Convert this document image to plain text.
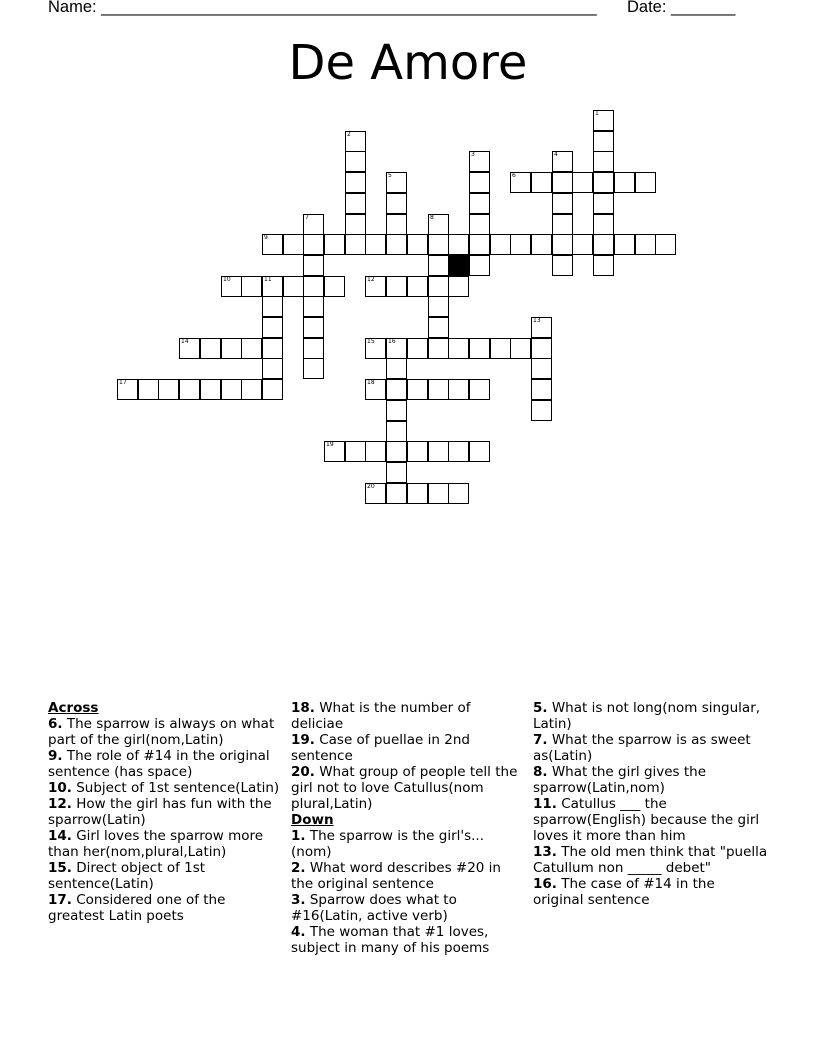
Name: ______________________________________________________ Date: _______
De Amore
1
2
3	4
5	6
7	8
9
10	11	12
13
14	15 16
17	18
19
20
Across
6. The sparrow is always on what part of the girl(nom,Latin)
9. The role of #14 in the original sentence (has space)
10. Subject of 1st sentence(Latin)
12. How the girl has fun with the sparrow(Latin)
14. Girl loves the sparrow more than her(nom,plural,Latin)
15. Direct object of 1st sentence(Latin)
17. Considered one of the greatest Latin poets
18. What is the number of deliciae
19. Case of puellae in 2nd sentence
20. What group of people tell the girl not to love Catullus(nom plural,Latin)
Down
1. The sparrow is the girl's...(nom)
2. What word describes #20 in the original sentence
3. Sparrow does what to #16(Latin, active verb)
4. The woman that #1 loves, subject in many of his poems
5. What is not long(nom singular, Latin)
7. What the sparrow is as sweet as(Latin)
8. What the girl gives the sparrow(Latin,nom)
11. Catullus ___ the sparrow(English) because the girl loves it more than him
13. The old men think that "puella Catullum non _____ debet"
16. The case of #14 in the original sentence
